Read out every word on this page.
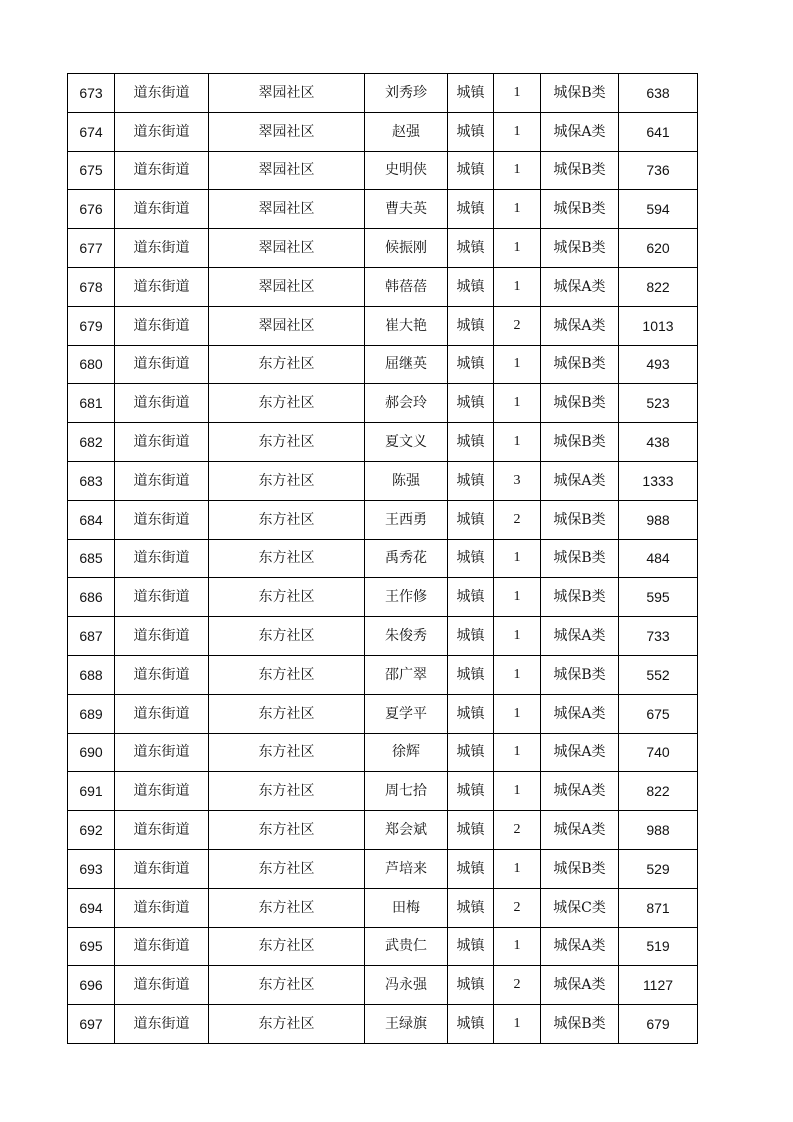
673	道东街道	翠园社区	刘秀珍	城镇	1	城保B类	638
674	道东街道	翠园社区	赵强	城镇	1	城保A类	641
675	道东街道	翠园社区	史明侠	城镇	1	城保B类	736
676	道东街道	翠园社区	曹夫英	城镇	1	城保B类	594
677	道东街道	翠园社区	候振刚	城镇	1	城保B类	620
678	道东街道	翠园社区	韩蓓蓓	城镇	1	城保A类	822
679	道东街道	翠园社区	崔大艳	城镇	2	城保A类	1013
680	道东街道	东方社区	屈继英	城镇	1	城保B类	493
681	道东街道	东方社区	郝会玲	城镇	1	城保B类	523
682	道东街道	东方社区	夏文义	城镇	1	城保B类	438
683	道东街道	东方社区	陈强	城镇	3	城保A类	1333
684	道东街道	东方社区	王西勇	城镇	2	城保B类	988
685	道东街道	东方社区	禹秀花	城镇	1	城保B类	484
686	道东街道	东方社区	王作修	城镇	1	城保B类	595
687	道东街道	东方社区	朱俊秀	城镇	1	城保A类	733
688	道东街道	东方社区	邵广翠	城镇	1	城保B类	552
689	道东街道	东方社区	夏学平	城镇	1	城保A类	675
690	道东街道	东方社区	徐辉	城镇	1	城保A类	740
691	道东街道	东方社区	周七拾	城镇	1	城保A类	822
692	道东街道	东方社区	郑会斌	城镇	2	城保A类	988
693	道东街道	东方社区	芦培来	城镇	1	城保B类	529
694	道东街道	东方社区	田梅	城镇	2	城保C类	871
695	道东街道	东方社区	武贵仁	城镇	1	城保A类	519
696	道东街道	东方社区	冯永强	城镇	2	城保A类	1127
697	道东街道	东方社区	王绿旗	城镇	1	城保B类	679
